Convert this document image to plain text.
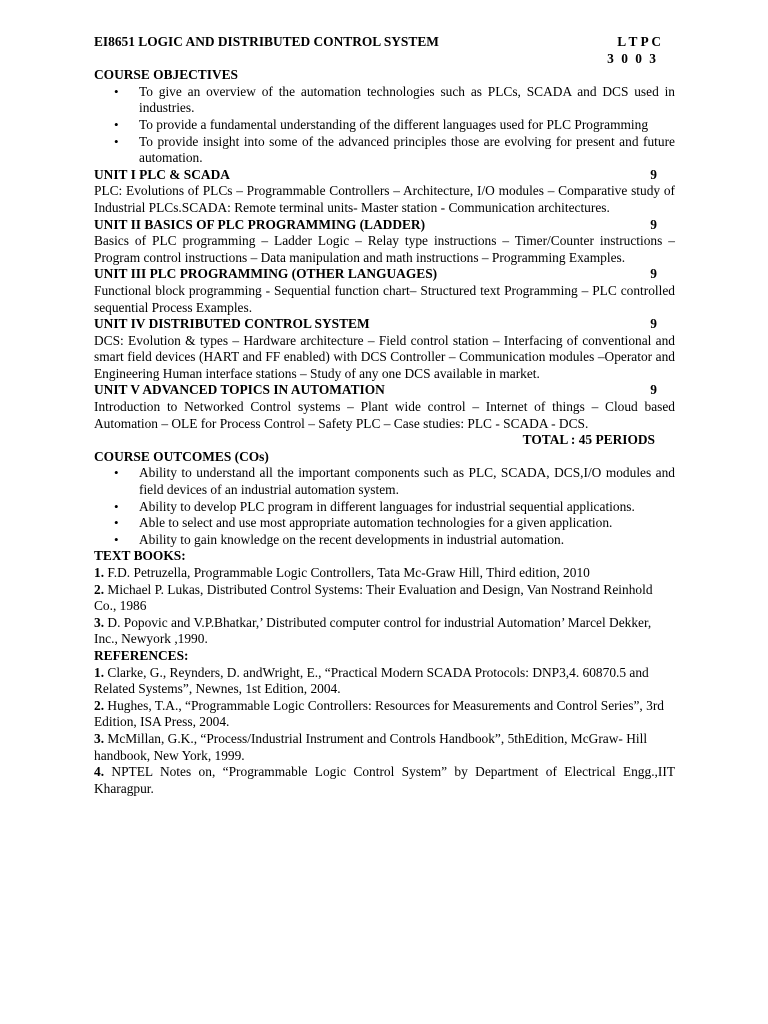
EI8651 LOGIC AND DISTRIBUTED CONTROL SYSTEM	L T P C
3 0 0 3
COURSE OBJECTIVES
• To give an overview of the automation technologies such as PLCs, SCADA and DCS used in industries.
• To provide a fundamental understanding of the different languages used for PLC Programming
• To provide insight into some of the advanced principles those are evolving for present and future automation.
UNIT I PLC & SCADA	9
PLC: Evolutions of PLCs – Programmable Controllers – Architecture, I/O modules – Comparative study of Industrial PLCs.SCADA: Remote terminal units- Master station - Communication architectures.
UNIT II BASICS OF PLC PROGRAMMING (LADDER)	9
Basics of PLC programming – Ladder Logic – Relay type instructions – Timer/Counter instructions –Program control instructions – Data manipulation and math instructions – Programming Examples.
UNIT III PLC PROGRAMMING (OTHER LANGUAGES)	9
Functional block programming - Sequential function chart– Structured text Programming – PLC controlled sequential Process Examples.
UNIT IV DISTRIBUTED CONTROL SYSTEM	9
DCS: Evolution & types – Hardware architecture – Field control station – Interfacing of conventional and smart field devices (HART and FF enabled) with DCS Controller – Communication modules –Operator and Engineering Human interface stations – Study of any one DCS available in market.
UNIT V ADVANCED TOPICS IN AUTOMATION	9
Introduction to Networked Control systems – Plant wide control – Internet of things – Cloud based Automation – OLE for Process Control – Safety PLC – Case studies: PLC - SCADA - DCS.
TOTAL : 45 PERIODS
COURSE OUTCOMES (COs)
• Ability to understand all the important components such as PLC, SCADA, DCS,I/O modules and field devices of an industrial automation system.
• Ability to develop PLC program in different languages for industrial sequential applications.
• Able to select and use most appropriate automation technologies for a given application.
• Ability to gain knowledge on the recent developments in industrial automation.
TEXT BOOKS:
1. F.D. Petruzella, Programmable Logic Controllers, Tata Mc-Graw Hill, Third edition, 2010
2. Michael P. Lukas, Distributed Control Systems: Their Evaluation and Design, Van Nostrand Reinhold Co., 1986
3. D. Popovic and V.P.Bhatkar,’ Distributed computer control for industrial Automation’ Marcel Dekker, Inc., Newyork ,1990.
REFERENCES:
1. Clarke, G., Reynders, D. andWright, E., “Practical Modern SCADA Protocols: DNP3,4. 60870.5 and Related Systems”, Newnes, 1st Edition, 2004.
2. Hughes, T.A., “Programmable Logic Controllers: Resources for Measurements and Control Series”, 3rd Edition, ISA Press, 2004.
3. McMillan, G.K., “Process/Industrial Instrument and Controls Handbook”, 5thEdition, McGraw- Hill handbook, New York, 1999.
4. NPTEL Notes on, “Programmable Logic Control System” by Department of Electrical Engg.,IIT Kharagpur.
